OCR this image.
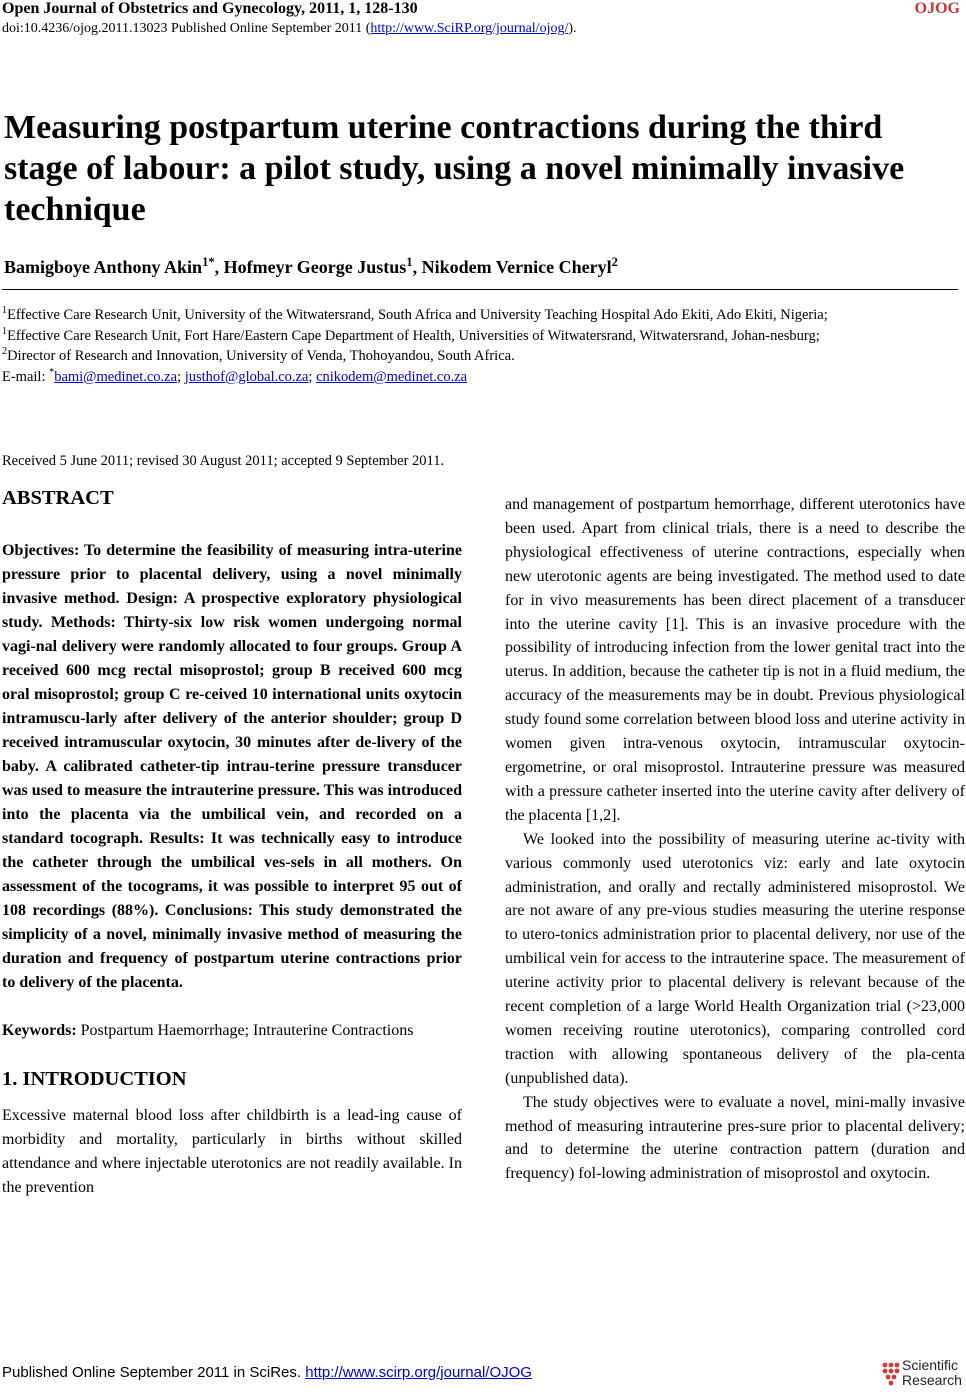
Open Journal of Obstetrics and Gynecology, 2011, 1, 128-130	OJOG
doi:10.4236/ojog.2011.13023 Published Online September 2011 (http://www.SciRP.org/journal/ojog/).
Measuring postpartum uterine contractions during the third stage of labour: a pilot study, using a novel minimally invasive technique
Bamigboye Anthony Akin$^{1*}$, Hofmeyr George Justus$^1$, Nikodem Vernice Cheryl$^2$

$^1$Effective Care Research Unit, University of the Witwatersrand, South Africa and University Teaching Hospital Ado Ekiti, Ado Ekiti, Nigeria;

$^1$Effective Care Research Unit, Fort Hare/Eastern Cape Department of Health, Universities of Witwatersrand, Witwatersrand, Johan-nesburg;

$^2$Director of Research and Innovation, University of Venda, Thohoyandou, South Africa.

E-mail: *bami@medinet.co.za; justhof@global.co.za; cnikodem@medinet.co.za

Received 5 June 2011; revised 30 August 2011; accepted 9 September 2011.
ABSTRACT

Objectives: To determine the feasibility of measuring intra-uterine pressure prior to placental delivery, using a novel minimally invasive method. Design: A prospective exploratory physiological study. Methods: Thirty-six low risk women undergoing normal vagi-nal delivery were randomly allocated to four groups. Group A received 600 mcg rectal misoprostol; group B received 600 mcg oral misoprostol; group C re-ceived 10 international units oxytocin intramuscu-larly after delivery of the anterior shoulder; group D received intramuscular oxytocin, 30 minutes after de-livery of the baby. A calibrated catheter-tip intrau-terine pressure transducer was used to measure the intrauterine pressure. This was introduced into the placenta via the umbilical vein, and recorded on a standard tocograph. Results: It was technically easy to introduce the catheter through the umbilical ves-sels in all mothers. On assessment of the tocograms, it was possible to interpret 95 out of 108 recordings (88%). Conclusions: This study demonstrated the simplicity of a novel, minimally invasive method of measuring the duration and frequency of postpartum uterine contractions prior to delivery of the placenta.

Keywords: Postpartum Haemorrhage; Intrauterine Contractions

1. INTRODUCTION

Excessive maternal blood loss after childbirth is a lead-ing cause of morbidity and mortality, particularly in births without skilled attendance and where injectable uterotonics are not readily available. In the prevention

and management of postpartum hemorrhage, different uterotonics have been used. Apart from clinical trials, there is a need to describe the physiological effectiveness of uterine contractions, especially when new uterotonic agents are being investigated. The method used to date for in vivo measurements has been direct placement of a transducer into the uterine cavity [1]. This is an invasive procedure with the possibility of introducing infection from the lower genital tract into the uterus. In addition, because the catheter tip is not in a fluid medium, the accuracy of the measurements may be in doubt. Previous physiological study found some correlation between blood loss and uterine activity in women given intra-venous oxytocin, intramuscular oxytocin-ergometrine, or oral misoprostol. Intrauterine pressure was measured with a pressure catheter inserted into the uterine cavity after delivery of the placenta [1,2].

We looked into the possibility of measuring uterine ac-tivity with various commonly used uterotonics viz: early and late oxytocin administration, and orally and rectally administered misoprostol. We are not aware of any pre-vious studies measuring the uterine response to utero-tonics administration prior to placental delivery, nor use of the umbilical vein for access to the intrauterine space. The measurement of uterine activity prior to placental delivery is relevant because of the recent completion of a large World Health Organization trial (>23,000 women receiving routine uterotonics), comparing controlled cord traction with allowing spontaneous delivery of the pla-centa (unpublished data).

The study objectives were to evaluate a novel, mini-mally invasive method of measuring intrauterine pres-sure prior to placental delivery; and to determine the uterine contraction pattern (duration and frequency) fol-lowing administration of misoprostol and oxytocin.

Published Online September 2011 in SciRes. http://www.scirp.org/journal/OJOG	Scientific
Research
